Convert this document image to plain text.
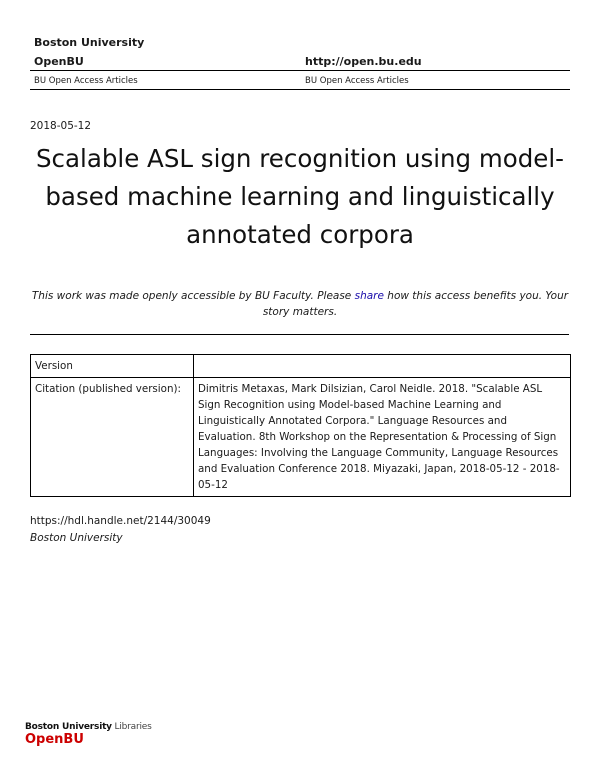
Boston University
OpenBU	http://open.bu.edu
BU Open Access Articles	BU Open Access Articles
2018-05-12
Scalable ASL sign recognition using model-based machine learning and linguistically annotated corpora
This work was made openly accessible by BU Faculty. Please share how this access benefits you. Your story matters.
Version	
Citation (published version):	Dimitris Metaxas, Mark Dilsizian, Carol Neidle. 2018. "Scalable ASL Sign Recognition using Model-based Machine Learning and Linguistically Annotated Corpora." Language Resources and Evaluation. 8th Workshop on the Representation & Processing of Sign Languages: Involving the Language Community, Language Resources and Evaluation Conference 2018. Miyazaki, Japan, 2018-05-12 - 2018-05-12
https://hdl.handle.net/2144/30049
Boston University
Boston University Libraries
OpenBU
